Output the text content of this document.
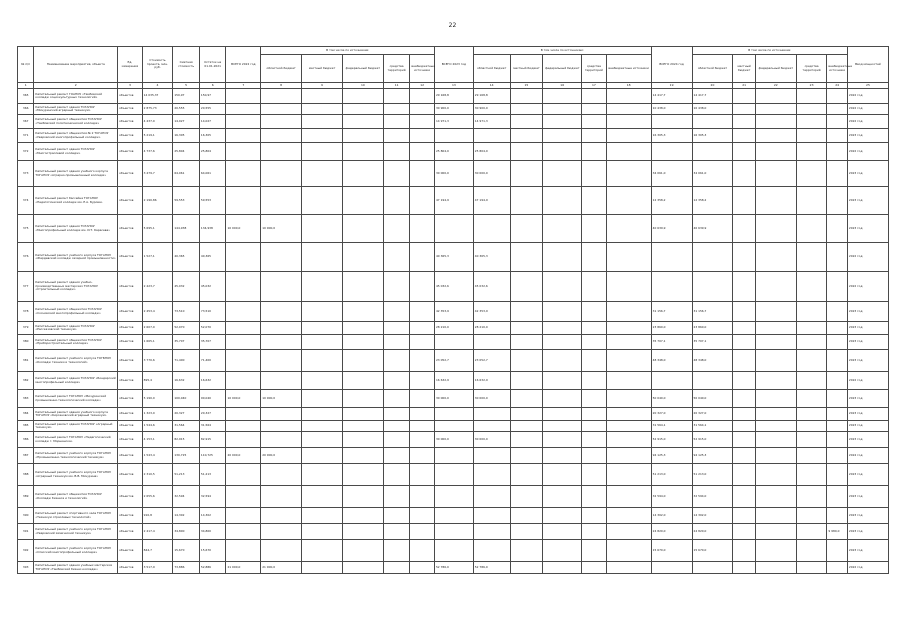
22
№ п/п	Наименование мероприятия, объекта	Ед. измерения	Стоимость проекта, млн. руб.	Сметная стоимость	Остаток на 01.01.2021	ВСЕГО 2022 год	В том числе по источникам:					ВСЕГО 2023 год	В том числе по источникам:					ВСЕГО 2024 год	В том числе по источникам:					Ввод мощностей
							областной бюджет	местный бюджет	федеральный бюджет	средства территорий	внебюджетные источники		областной бюджет	местный бюджет	федеральный бюджет	средства территорий	внебюджетные источники		областной бюджет	местный бюджет	федеральный бюджет	средства территорий	внебюджетные источники	
1	2	3	4	5	6	7	8	9	10	11	12	13	14	15	16	17	18	19	20	21	22	23	24	25
365	Капитальный ремонт ГОАПОУ «Тамбовский колледж социокультурных технологий»	объектов	14 035,37	150,97	150,97							29 168,8	29 168,8					14 417,7	14 417,7					2022 год
366	Капитальный ремонт здания ТОГАПОУ «Мичуринский аграрный техникум»	объектов	2 875,73	20,555	20,555							30 900,0	30 900,0					10 438,0	10 438,0					2022 год
367	Капитальный ремонт общежития ТОГАПОУ «Тамбовский политехнический колледж»	объектов	4 437,0	14,027	14,027							14 971,3	14 971,3											2022 год
371	Капитальный ремонт общежития № 2 ТОГАПОУ «Уваровский многопрофильный колледж»	объектов	5 219,1	16,305	16,305													16 305,3	16 305,3					2023 год
372	Капитальный ремонт здания ТОГАПОУ «Многоотраслевой колледж»	объектов	4 737,6	25,804	25,804							25 804,0	25 804,0											2022 год
373	Капитальный ремонт здания учебного корпуса ТОГАПОУ «Аграрно-промышленный колледж»	объектов	3 479,7	64,061	64,061							30 000,0	30 000,0					34 061,0	34 061,0					2023 год
374	Капитальный ремонт бассейна ТОГАПОУ «Педагогический колледж им. Е.А. Бурова»	объектов	2 190,86	59,553	59,553							47 194,9	47 194,9					12 358,2	12 358,2					2023 год
375	Капитальный ремонт здания ТОГАПОУ «Многопрофильный колледж им. И.Т. Карасева»	объектов	5 695,1	144,938	134,938	10 000,0	10 000,0											40 639,9	40 639,9					2023 год
376	Капитальный ремонт учебного корпуса ТОГАПОУ «Жердевский колледж сахарной промышленности»	объектов	1 527,1	40,365	40,365							40 365,3	40 365,3											2022 год
377	Капитальный ремонт здания учебно-производственных мастерских ТОГАПОУ «Строительный колледж»	объектов	2 423,7	45,032	45,032							45 032,6	45 032,6											2022 год
378	Капитальный ремонт общежития ТОГАПОУ «Сосновский многопрофильный колледж»	объектов	2 453,4	73,510	73,510							42 353,9	42 353,9					31 156,7	31 156,7					2023 год
379	Капитальный ремонт здания ТОГАПОУ «Рассказовский техникум»	объектов	2 607,0	52,070	52,070							28 210,0	28 210,0					23 860,0	23 860,0					2023 год
380	Капитальный ремонт общежития ТОГАПОУ «Приборостроительный колледж»	объектов	1 665,1	35,707	35,707													35 707,1	35 707,1					2023 год
381	Капитальный ремонт учебного корпуса ТОГБПОУ «Колледж техники и технологий»	объектов	3 770,6	71,400	71,400							23 052,7	23 052,7					48 348,0	48 348,0					2023 год
382	Капитальный ремонт здания ТОГАПОУ «Бондарский многопрофильный колледж»	объектов	895,4	16,632	16,632							16 632,9	16 632,9											2022 год
383	Капитальный ремонт ТОГАПОУ «Мичуринский промышленно-технологический колледж»	объектов	5 190,0	100,040	90,040	10 000,0	10 000,0					30 000,0	30 000,0					50 040,0	50 040,0					2023 год
384	Капитальный ремонт здания учебного корпуса ТОГАПОУ «Кирсановский аграрный техникум»	объектов	1 323,0	20,327	20,327													20 327,0	20 327,0					2023 год
385	Капитальный ремонт здания ТОГАПОУ «Аграрный техникум»	объектов	1 544,6	31,564	31,564													31 564,1	31 564,1					2023 год
386	Капитальный ремонт ТОГАПОУ «Педагогический колледж г. Моршанска»	объектов	4 153,1	82,915	82,915							30 000,0	30 000,0					52 915,0	52 915,0					2023 год
387	Капитальный ремонт учебного корпуса ТОГАПОУ «Промышленно-технологический техникум»	объектов	1 543,4	130,725	110,725	20 000,0	20 000,0											94 125,3	94 125,3					2024 год
388	Капитальный ремонт учебного корпуса ТОГАПОУ «Аграрный техникум им. В.В. Мичурина»	объектов	2 310,5	51,213	51,213													51 213,0	51 213,0					2023 год
389	Капитальный ремонт общежития ТОГАПОУ «Колледж бизнеса и технологий»	объектов	2 655,6	32,594	32,594													32 594,0	32 594,0					2023 год
390	Капитальный ремонт спортивного зала ТОГАПОУ «Техникум отраслевых технологий»	объектов	910,8	14,302	14,302													14 302,0	14 302,0					2023 год
391	Капитальный ремонт учебного корпуса ТОГАПОУ «Уваровский химический техникум»	объектов	2 417,4	34,800	34,800													24 820,0	24 820,0				9 980,0	2023 год
392	Капитальный ремонт учебного корпуса ТОГАПОУ «Спасский многопрофильный колледж»	объектов	844,7	15,670	15,670													15 670,0	15 670,0					2023 год
393	Капитальный ремонт здания учебных мастерских ТОГАПОУ «Тамбовский бизнес-колледж»	объектов	3 517,9	73,886	52,886	21 000,0	21 000,0					52 786,0	52 786,0											2022 год
